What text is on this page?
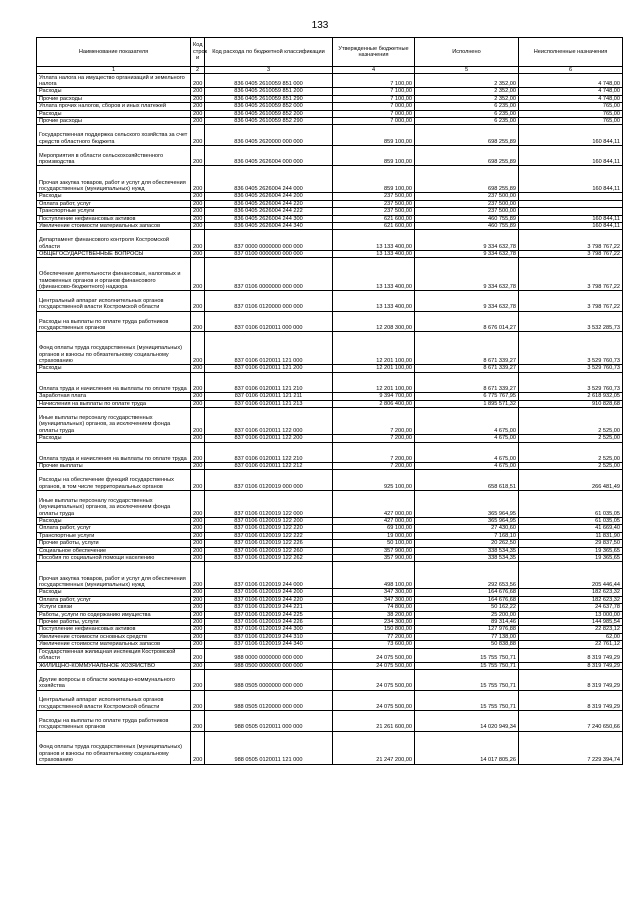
133
Наименование показателя	Код строк и	Код расхода по бюджетной классификации	Утвержденные бюджетные назначения	Исполнено	Неисполненные назначения
1	2	3	4	5	6
Уплата налога на имущество организаций и земельного налога	200	836 0405 2610059 851 000	7 100,00	2 352,00	4 748,00
Расходы	200	836 0405 2610059 851 200	7 100,00	2 352,00	4 748,00
Прочие расходы	200	836 0405 2610059 851 290	7 100,00	2 352,00	4 748,00
Уплата прочих налогов, сборов и иных платежей	200	836 0405 2610059 852 000	7 000,00	6 235,00	765,00
Расходы	200	836 0405 2610059 852 200	7 000,00	6 235,00	765,00
Прочие расходы	200	836 0405 2610059 852 290	7 000,00	6 235,00	765,00
Государственная поддержка сельского хозяйства за счет средств областного бюджета	200	836 0405 2620000 000 000	859 100,00	698 255,89	160 844,11
Мероприятия в области сельскохозяйственного производства	200	836 0405 2626004 000 000	859 100,00	698 255,89	160 844,11
Прочая закупка товаров, работ и услуг для обеспечения государственных (муниципальных) нужд	200	836 0405 2626004 244 000	859 100,00	698 255,89	160 844,11
Расходы	200	836 0405 2626004 244 200	237 500,00	237 500,00	
Оплата работ, услуг	200	836 0405 2626004 244 220	237 500,00	237 500,00	
Транспортные услуги	200	836 0405 2626004 244 222	237 500,00	237 500,00	
Поступление нефинансовых активов	200	836 0405 2626004 244 300	621 600,00	460 755,89	160 844,11
Увеличение стоимости материальных запасов	200	836 0405 2626004 244 340	621 600,00	460 755,89	160 844,11
Департамент финансового контроля Костромской области	200	837 0000 0000000 000 000	13 133 400,00	9 334 632,78	3 798 767,22
ОБЩЕГОСУДАРСТВЕННЫЕ ВОПРОСЫ	200	837 0100 0000000 000 000	13 133 400,00	9 334 632,78	3 798 767,22
Обеспечение деятельности финансовых, налоговых и таможенных органов и органов финансового (финансово-бюджетного) надзора	200	837 0106 0000000 000 000	13 133 400,00	9 334 632,78	3 798 767,22
Центральный аппарат исполнительных органов государственной власти Костромской области	200	837 0106 0120000 000 000	13 133 400,00	9 334 632,78	3 798 767,22
Расходы на выплаты по оплате труда работников государственных органов	200	837 0106 0120011 000 000	12 208 300,00	8 676 014,27	3 532 285,73
Фонд оплаты труда государственных (муниципальных) органов и взносы по обязательному социальному страхованию	200	837 0106 0120011 121 000	12 201 100,00	8 671 339,27	3 529 760,73
Расходы	200	837 0106 0120011 121 200	12 201 100,00	8 671 339,27	3 529 760,73
Оплата труда и начисления на выплаты по оплате труда	200	837 0106 0120011 121 210	12 201 100,00	8 671 339,27	3 529 760,73
Заработная плата	200	837 0106 0120011 121 211	9 394 700,00	6 775 767,95	2 618 932,05
Начисления на выплаты по оплате труда	200	837 0106 0120011 121 213	2 806 400,00	1 895 571,32	910 828,68
Иные выплаты персоналу государственных (муниципальных) органов, за исключением фонда оплаты труда	200	837 0106 0120011 122 000	7 200,00	4 675,00	2 525,00
Расходы	200	837 0106 0120011 122 200	7 200,00	4 675,00	2 525,00
Оплата труда и начисления на выплаты по оплате труда	200	837 0106 0120011 122 210	7 200,00	4 675,00	2 525,00
Прочие выплаты	200	837 0106 0120011 122 212	7 200,00	4 675,00	2 525,00
Расходы на обеспечение функций государственных органов, в том числе территориальных органов	200	837 0106 0120019 000 000	925 100,00	658 618,51	266 481,49
Иные выплаты персоналу государственных (муниципальных) органов, за исключением фонда оплаты труда	200	837 0106 0120019 122 000	427 000,00	365 964,95	61 035,05
Расходы	200	837 0106 0120019 122 200	427 000,00	365 964,95	61 035,05
Оплата работ, услуг	200	837 0106 0120019 122 220	69 100,00	27 430,60	41 669,40
Транспортные услуги	200	837 0106 0120019 122 222	19 000,00	7 168,10	11 831,90
Прочие работы, услуги	200	837 0106 0120019 122 226	50 100,00	20 262,50	29 837,50
Социальное обеспечение	200	837 0106 0120019 122 260	357 900,00	338 534,35	19 365,65
Пособия по социальной помощи населению	200	837 0106 0120019 122 262	357 900,00	338 534,35	19 365,65
Прочая закупка товаров, работ и услуг для обеспечения государственных (муниципальных) нужд	200	837 0106 0120019 244 000	498 100,00	292 653,56	205 446,44
Расходы	200	837 0106 0120019 244 200	347 300,00	164 676,68	182 623,32
Оплата работ, услуг	200	837 0106 0120019 244 220	347 300,00	164 676,68	182 623,32
Услуги связи	200	837 0106 0120019 244 221	74 800,00	50 162,22	24 637,78
Работы, услуги по содержанию имущества	200	837 0106 0120019 244 225	38 200,00	25 200,00	13 000,00
Прочие работы, услуги	200	837 0106 0120019 244 226	234 300,00	89 314,46	144 985,54
Поступление нефинансовых активов	200	837 0106 0120019 244 300	150 800,00	127 976,88	22 823,12
Увеличение стоимости основных средств	200	837 0106 0120019 244 310	77 200,00	77 138,00	62,00
Увеличение стоимости материальных запасов	200	837 0106 0120019 244 340	73 600,00	50 838,88	22 761,12
Государственная жилищная инспекция Костромской области	200	988 0000 0000000 000 000	24 075 500,00	15 755 750,71	8 319 749,29
ЖИЛИЩНО-КОММУНАЛЬНОЕ ХОЗЯЙСТВО	200	988 0500 0000000 000 000	24 075 500,00	15 755 750,71	8 319 749,29
Другие вопросы в области жилищно-коммунального хозяйства	200	988 0505 0000000 000 000	24 075 500,00	15 755 750,71	8 319 749,29
Центральный аппарат исполнительных органов государственной власти Костромской области	200	988 0505 0120000 000 000	24 075 500,00	15 755 750,71	8 319 749,29
Расходы на выплаты по оплате труда работников государственных органов	200	988 0505 0120011 000 000	21 261 600,00	14 020 949,34	7 240 650,66
Фонд оплаты труда государственных (муниципальных) органов и взносы по обязательному социальному страхованию	200	988 0505 0120011 121 000	21 247 200,00	14 017 805,26	7 229 394,74
